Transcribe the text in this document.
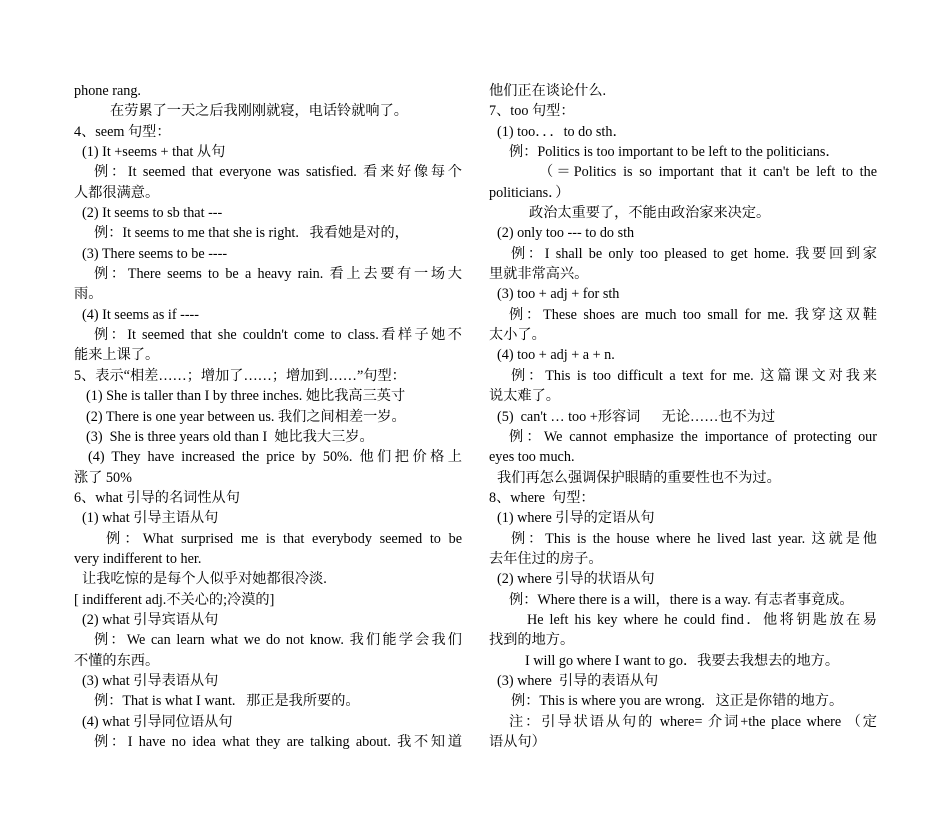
phone rang.
在劳累了一天之后我刚刚就寝，电话铃就响了。
4、seem 句型：
(1) It +seems + that 从句
例：It seemed that everyone was satisfied. 看来好像每个
人都很满意。
(2) It seems to sb that ---
例：It seems to me that she is right.   我看她是对的，
(3) There seems to be ----
例：There seems to be a heavy rain. 看上去要有一场大
雨。
(4) It seems as if ----
例：It seemed that she couldn't come to class.看样子她不
能来上课了。
5、表示“相差……；增加了……；增加到……”句型：
(1) She is taller than I by three inches. 她比我高三英寸
(2) There is one year between us. 我们之间相差一岁。
(3)  She is three years old than I  她比我大三岁。
(4) They have increased the price by 50%. 他们把价格上
涨了 50%
6、what 引导的名词性从句
(1) what 引导主语从句
例：What surprised me is that everybody seemed to be
very indifferent to her.
让我吃惊的是每个人似乎对她都很冷淡.
[ indifferent adj.不关心的;冷漠的]
(2) what 引导宾语从句
例：We can learn what we do not know. 我们能学会我们
不懂的东西。
(3) what 引导表语从句
例：That is what I want.   那正是我所要的。
(4) what 引导同位语从句
例：I have no idea what they are talking about. 我不知道
他们正在谈论什么.
7、too 句型：
(1) too．．．to do sth．
例：Politics is too important to be left to the politicians．
（＝Politics is so important that it can't be left to the
politicians．）
政治太重要了，不能由政治家来决定。
(2) only too --- to do sth
例：I shall be only too pleased to get home. 我要回到家
里就非常高兴。
(3) too + adj + for sth
例：These shoes are much too small for me. 我穿这双鞋
太小了。
(4) too + adj + a + n.
例：This is too difficult a text for me. 这篇课文对我来
说太难了。
(5)  can't … too +形容词      无论……也不为过
例：We cannot emphasize the importance of protecting our
eyes too much.
我们再怎么强调保护眼睛的重要性也不为过。
8、where  句型：
(1) where 引导的定语从句
例：This is the house where he lived last year. 这就是他
去年住过的房子。
(2) where 引导的状语从句
例：Where there is a will，there is a way. 有志者事竟成。
He left his key where he could find．他将钥匙放在易
找到的地方。
I will go where I want to go．我要去我想去的地方。
(3) where  引导的表语从句
例：This is where you are wrong.   这正是你错的地方。
注：引导状语从句的 where= 介词+the place where （定
语从句）
